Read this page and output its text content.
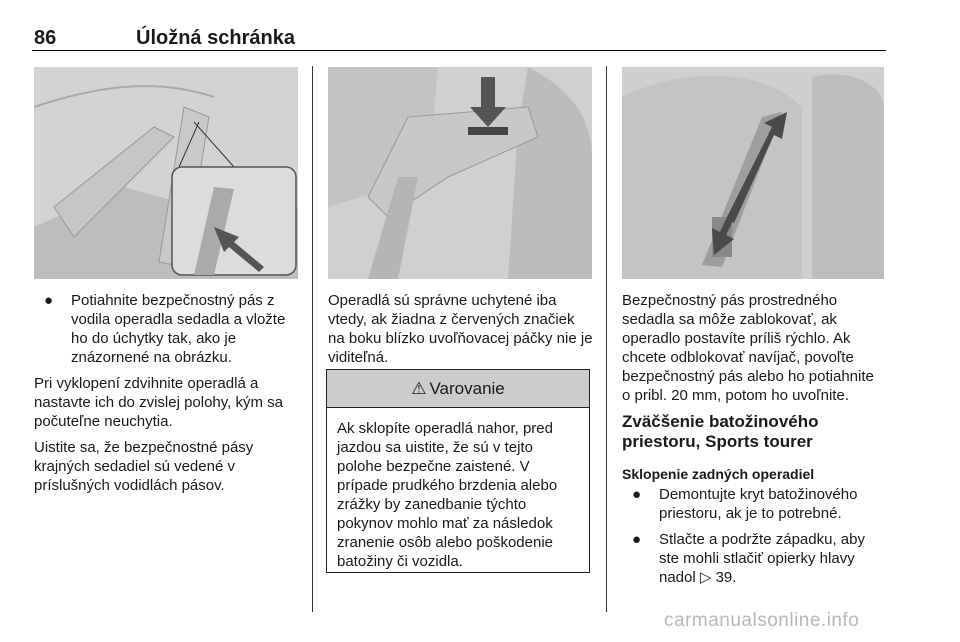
86	Úložná schránka
● Potiahnite bezpečnostný pás z vodila operadla sedadla a vložte ho do úchytky tak, ako je znázornené na obrázku.

Pri vyklopení zdvihnite operadlá a nastavte ich do zvislej polohy, kým sa počuteľne neuchytia.

Uistite sa, že bezpečnostné pásy krajných sedadiel sú vedené v príslušných vodidlách pásov.

Operadlá sú správne uchytené iba vtedy, ak žiadna z červených značiek na boku blízko uvoľňovacej páčky nie je viditeľná.

⚠ Varovanie
Ak sklopíte operadlá nahor, pred jazdou sa uistite, že sú v tejto polohe bezpečne zaistené. V prípade prudkého brzdenia alebo zrážky by zanedbanie týchto pokynov mohlo mať za následok zranenie osôb alebo poškodenie batožiny či vozidla.

Bezpečnostný pás prostredného sedadla sa môže zablokovať, ak operadlo postavíte príliš rýchlo. Ak chcete odblokovať navíjač, povoľte bezpečnostný pás alebo ho potiahnite o pribl. 20 mm, potom ho uvoľnite.

Zväčšenie batožinového priestoru, Sports tourer
Sklopenie zadných operadiel
● Demontujte kryt batožinového priestoru, ak je to potrebné.
● Stlačte a podržte západku, aby ste mohli stlačiť opierky hlavy nadol ▷ 39.
carmanualsonline.info
